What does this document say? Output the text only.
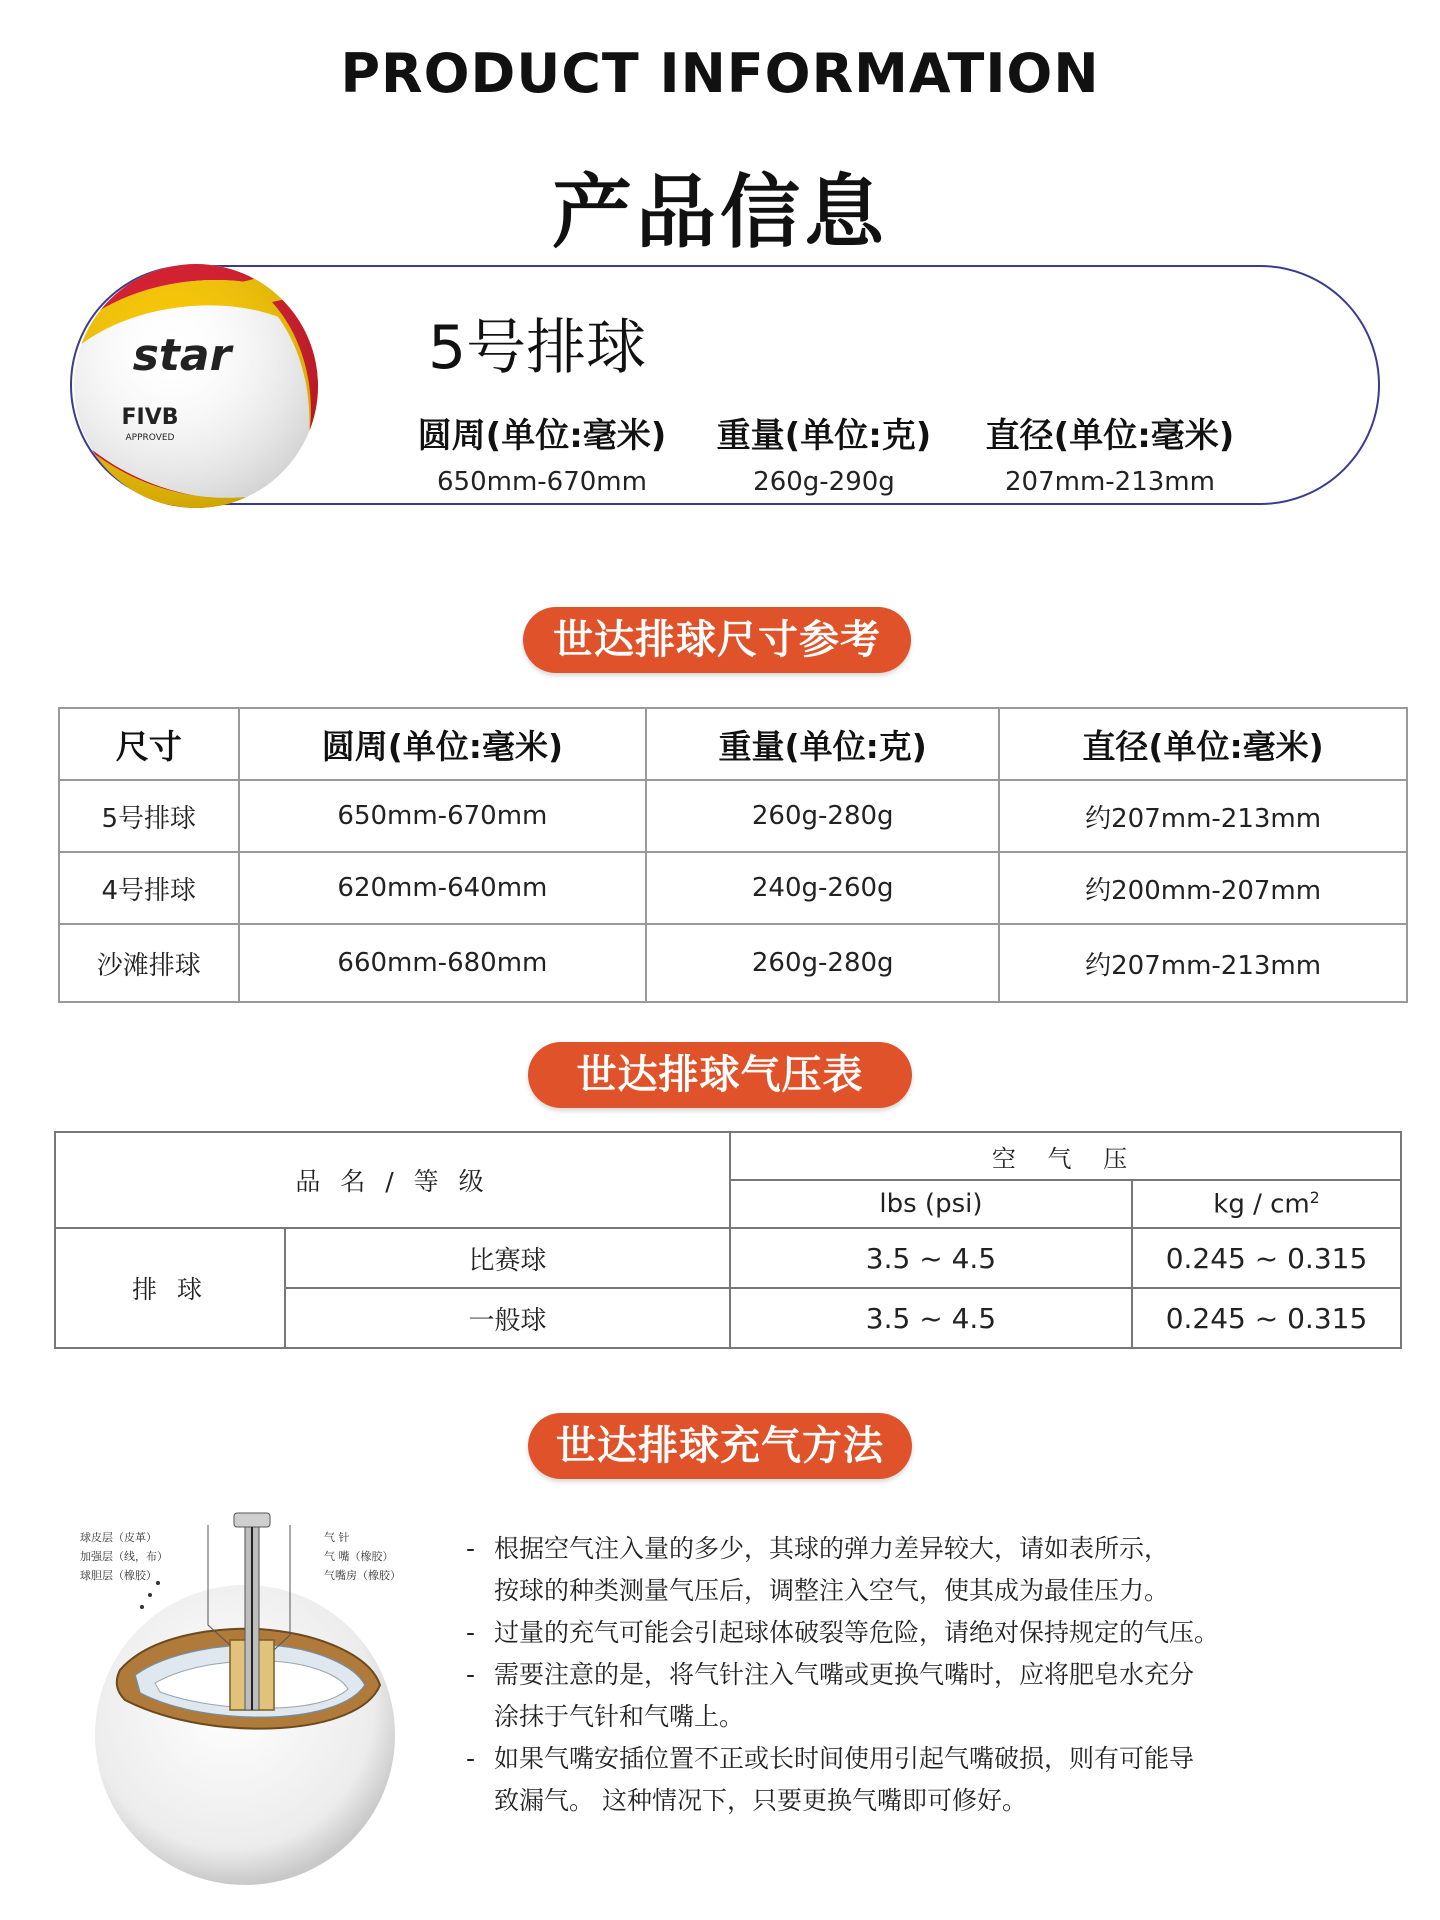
PRODUCT INFORMATION
产品信息
star
FIVB
APPROVED
5号排球
圆周(单位:毫米)
650mm-670mm
重量(单位:克)
260g-290g
直径(单位:毫米)
207mm-213mm
世达排球尺寸参考
尺寸	圆周(单位:毫米)	重量(单位:克)	直径(单位:毫米)
5号排球	650mm-670mm	260g-280g	约207mm-213mm
4号排球	620mm-640mm	240g-260g	约200mm-207mm
沙滩排球	660mm-680mm	260g-280g	约207mm-213mm
世达排球气压表
品 名 / 等 级		空 气 压	
		lbs (psi)	kg / $cm^2$
排 球	比赛球	3.5 ~ 4.5	0.245 ~ 0.315
	一般球	3.5 ~ 4.5	0.245 ~ 0.315
世达排球充气方法
球皮层（皮革）
加强层（线，布）
球胆层（橡胶）
气 针
气 嘴（橡胶）
气嘴房（橡胶）
- 根据空气注入量的多少，其球的弹力差异较大，请如表所示，
按球的种类测量气压后，调整注入空气，使其成为最佳压力。
- 过量的充气可能会引起球体破裂等危险，请绝对保持规定的气压。
- 需要注意的是，将气针注入气嘴或更换气嘴时，应将肥皂水充分
涂抹于气针和气嘴上。
- 如果气嘴安插位置不正或长时间使用引起气嘴破损，则有可能导
致漏气。 这种情况下，只要更换气嘴即可修好。
